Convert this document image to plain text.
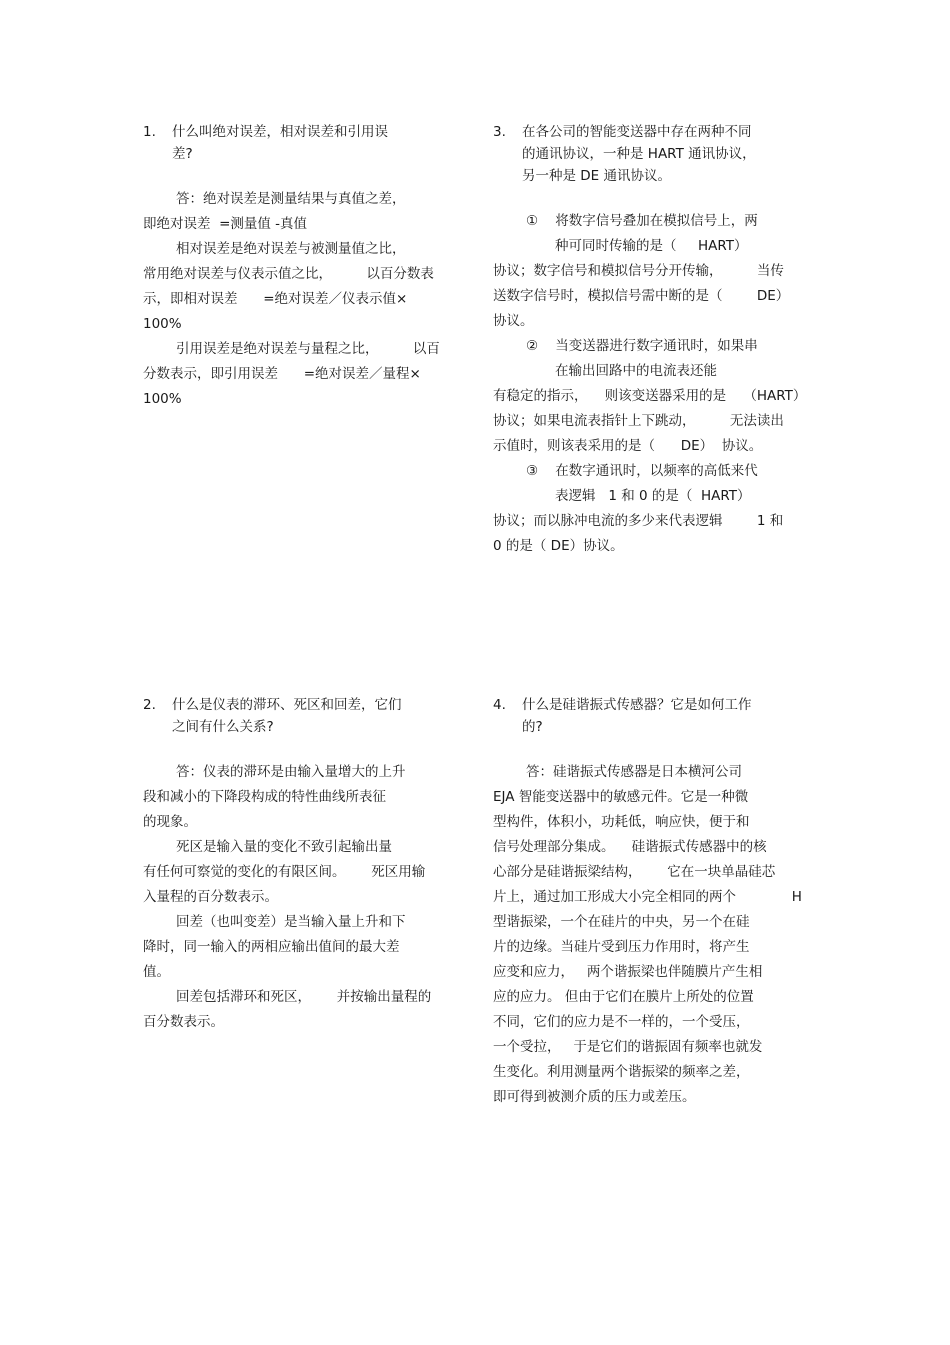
1.	什么叫绝对误差，相对误差和引用误
差?
答：绝对误差是测量结果与真值之差，
即绝对误差  =测量值 -真值
相对误差是绝对误差与被测量值之比，
常用绝对误差与仪表示值之比，        以百分数表
示，即相对误差      =绝对误差／仪表示值×
100%
引用误差是绝对误差与量程之比，        以百
分数表示，即引用误差      =绝对误差／量程×
100%
3.	在各公司的智能变送器中存在两种不同
的通讯协议，一种是 HART 通讯协议，
另一种是 DE 通讯协议。
①    将数字信号叠加在模拟信号上，两
种可同时传输的是（     HART）
协议；数字信号和模拟信号分开传输，        当传
送数字信号时，模拟信号需中断的是（        DE）
协议。
②    当变送器进行数字通讯时，如果串
在输出回路中的电流表还能
有稳定的指示，    则该变送器采用的是    （HART）
协议；如果电流表指针上下跳动，        无法读出
示值时，则该表采用的是（      DE）  协议。
③    在数字通讯时，以频率的高低来代
表逻辑   1 和 0 的是（  HART）
协议；而以脉冲电流的多少来代表逻辑        1 和
0 的是（ DE）协议。
2.	什么是仪表的滞环、死区和回差，它们
之间有什么关系?
答：仪表的滞环是由输入量增大的上升
段和减小的下降段构成的特性曲线所表征
的现象。
死区是输入量的变化不致引起输出量
有任何可察觉的变化的有限区间。      死区用输
入量程的百分数表示。
回差（也叫变差）是当输入量上升和下
降时，同一输入的两相应输出值间的最大差
值。
回差包括滞环和死区，      并按输出量程的
百分数表示。
4.	什么是硅谐振式传感器？它是如何工作
的?
答：硅谐振式传感器是日本横河公司
EJA 智能变送器中的敏感元件。它是一种微
型构件，体积小，功耗低，响应快，便于和
信号处理部分集成。    硅谐振式传感器中的核
心部分是硅谐振梁结构，      它在一块单晶硅芯
片上，通过加工形成大小完全相同的两个             H
型谐振梁，一个在硅片的中央，另一个在硅
片的边缘。当硅片受到压力作用时，将产生
应变和应力，   两个谐振梁也伴随膜片产生相
应的应力。 但由于它们在膜片上所处的位置
不同，它们的应力是不一样的，一个受压，
一个受拉，   于是它们的谐振固有频率也就发
生变化。利用测量两个谐振梁的频率之差，
即可得到被测介质的压力或差压。
